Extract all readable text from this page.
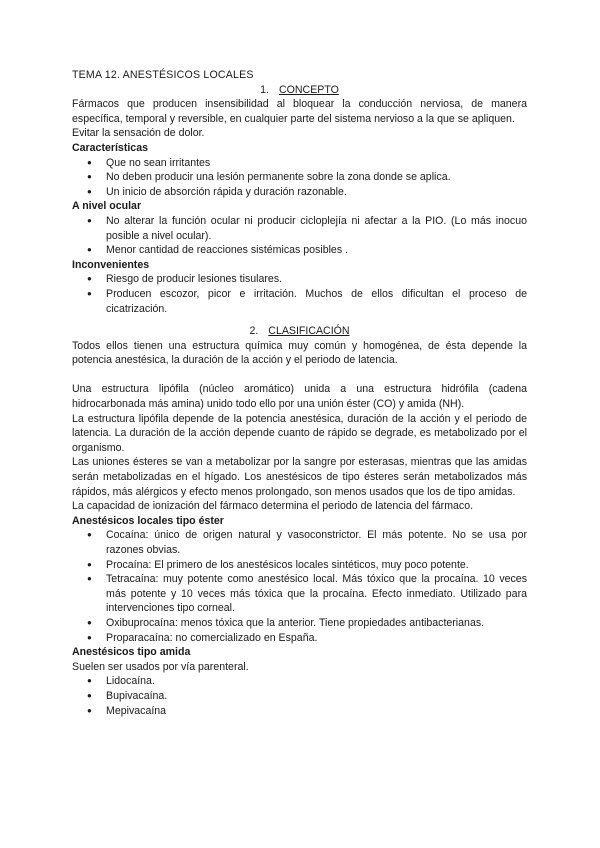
TEMA 12. ANESTÉSICOS LOCALES
1. CONCEPTO

Fármacos que producen insensibilidad al bloquear la conducción nerviosa, de manera específica, temporal y reversible, en cualquier parte del sistema nervioso a la que se apliquen.

Evitar la sensación de dolor.

Características
● Que no sean irritantes
● No deben producir una lesión permanente sobre la zona donde se aplica.
● Un inicio de absorción rápida y duración razonable.
A nivel ocular
● No alterar la función ocular ni producir cicloplejía ni afectar a la PIO. (Lo más inocuo posible a nivel ocular).
● Menor cantidad de reacciones sistémicas posibles .
Inconvenientes
● Riesgo de producir lesiones tisulares.
● Producen escozor, picor e irritación. Muchos de ellos dificultan el proceso de cicatrización.
2. CLASIFICACIÓN

Todos ellos tienen una estructura química muy común y homogénea, de ésta depende la potencia anestésica, la duración de la acción y el periodo de latencia.

Una estructura lipófila (núcleo aromático) unida a una estructura hidrófila (cadena hidrocarbonada más amina) unido todo ello por una unión éster (CO) y amida (NH).

La estructura lipófila depende de la potencia anestésica, duración de la acción y el periodo de latencia. La duración de la acción depende cuanto de rápido se degrade, es metabolizado por el organismo.

Las uniones ésteres se van a metabolizar por la sangre por esterasas, mientras que las amidas serán metabolizadas en el hígado. Los anestésicos de tipo ésteres serán metabolizados más rápidos, más alérgicos y efecto menos prolongado, son menos usados que los de tipo amidas.

La capacidad de ionización del fármaco determina el periodo de latencia del fármaco.

Anestésicos locales tipo éster
● Cocaína: único de origen natural y vasoconstrictor. El más potente. No se usa por razones obvias.
● Procaína: El primero de los anestésicos locales sintéticos, muy poco potente.
● Tetracaína: muy potente como anestésico local. Más tóxico que la procaína. 10 veces más potente y 10 veces más tóxica que la procaína. Efecto inmediato. Utilizado para intervenciones tipo corneal.
● Oxibuprocaína: menos tóxica que la anterior. Tiene propiedades antibacterianas.
● Proparacaína: no comercializado en España.
Anestésicos tipo amida

Suelen ser usados por vía parenteral.

● Lidocaína.
● Bupivacaína.
● Mepivacaína
